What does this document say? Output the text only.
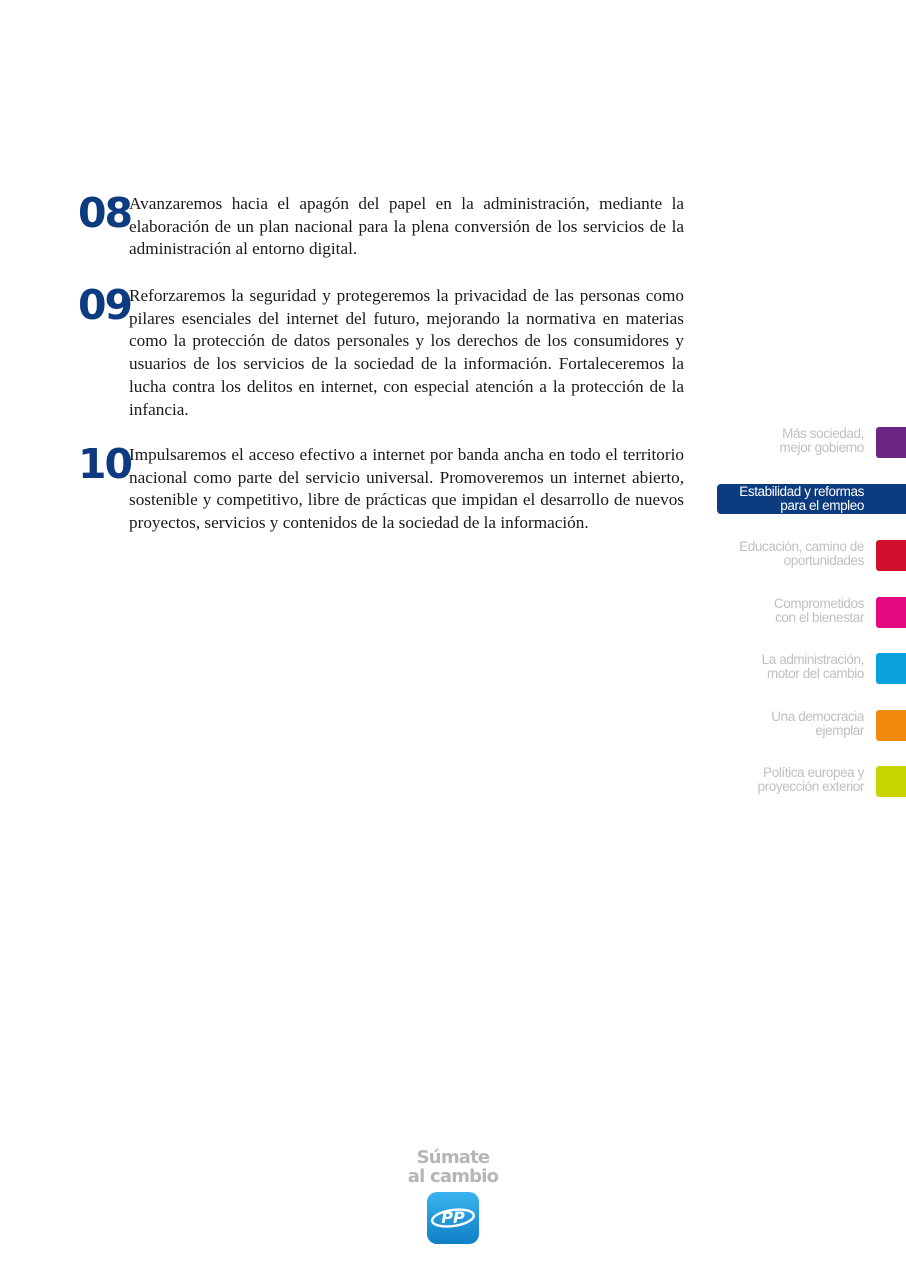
08
Avanzaremos hacia el apagón del papel en la administración, mediante la elaboración de un plan nacional para la plena conversión de los servicios de la administración al entorno digital.
09
Reforzaremos la seguridad y protegeremos la privacidad de las personas como pilares esenciales del internet del futuro, mejorando la normativa en materias como la protección de datos personales y los derechos de los consumidores y usuarios de los servicios de la sociedad de la información. Fortaleceremos la lucha contra los delitos en internet, con especial atención a la protección de la infancia.
10
Impulsaremos el acceso efectivo a internet por banda ancha en todo el territorio nacional como parte del servicio universal. Promoveremos un internet abierto, sostenible y competitivo, libre de prácticas que impidan el desarrollo de nuevos proyectos, servicios y contenidos de la sociedad de la información.
Más sociedad,
mejor gobierno
Estabilidad y reformas
para el empleo
Educación, camino de
oportunidades
Comprometidos
con el bienestar
La administración,
motor del cambio
Una democracia
ejemplar
Política europea y
proyección exterior
Súmate
al cambio
PP
